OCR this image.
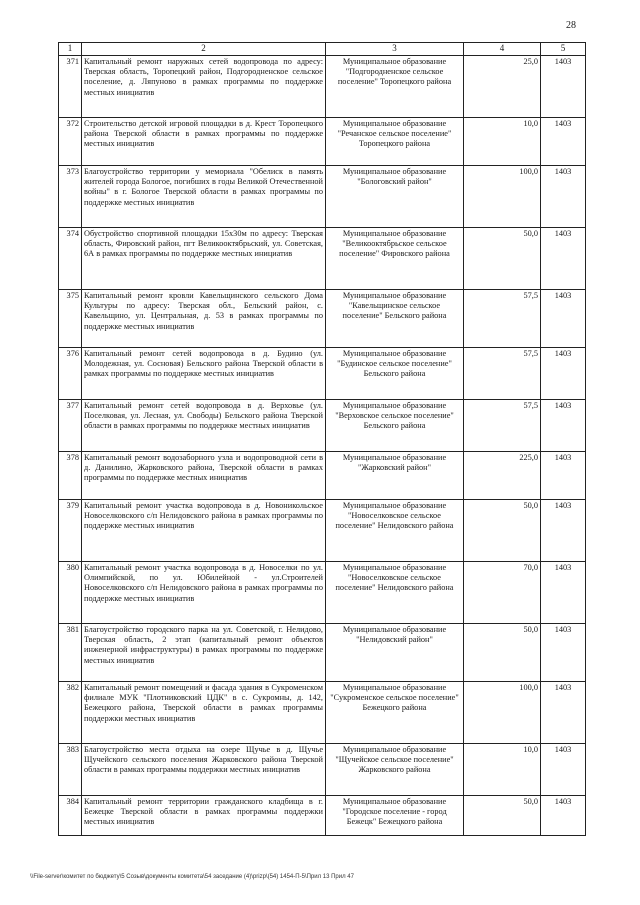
28
1	2	3	4	5
371	Капитальный ремонт наружных сетей водопровода по адресу: Тверская область, Торопецкий район, Подгородненское сельское поселение, д. Ляпуново в рамках программы по поддержке местных инициатив	Муниципальное образование "Подгородненское сельское поселение" Торопецкого района	25,0	1403
372	Строительство детской игровой площадки в д. Крест Торопецкого района Тверской области в рамках программы по поддержке местных инициатив	Муниципальное образование "Речанское сельское поселение" Торопецкого района	10,0	1403
373	Благоустройство территории у мемориала "Обелиск в память жителей города Бологое, погибших в годы Великой Отечественной войны" в г. Бологое Тверской области в рамках программы по поддержке местных инициатив	Муниципальное образование "Бологовский район"	100,0	1403
374	Обустройство спортивной площадки 15х30м по адресу: Тверская область, Фировский район, пгт Великооктябрьский, ул. Советская, 6А в рамках программы по поддержке местных инициатив	Муниципальное образование "Великооктябрьское сельское поселение" Фировского района	50,0	1403
375	Капитальный ремонт кровли Кавельщинского сельского Дома Культуры по адресу: Тверская обл., Бельский район, с. Кавельщино, ул. Центральная, д. 53 в рамках программы по поддержке местных инициатив	Муниципальное образование "Кавельщинское сельское поселение" Бельского района	57,5	1403
376	Капитальный ремонт сетей водопровода в д. Будино (ул. Молодежная, ул. Сосновая) Бельского района Тверской области в рамках программы по поддержке местных инициатив	Муниципальное образование "Будинское сельское поселение" Бельского района	57,5	1403
377	Капитальный ремонт сетей водопровода в д. Верховье (ул. Поселковая, ул. Лесная, ул. Свободы) Бельского района Тверской области в рамках программы по поддержке местных инициатив	Муниципальное образование "Верховское сельское поселение" Бельского района	57,5	1403
378	Капитальный ремонт водозаборного узла и водопроводной сети в д. Данилино, Жарковского района, Тверской области в рамках программы по поддержке местных инициатив	Муниципальное образование "Жарковский район"	225,0	1403
379	Капитальный ремонт участка водопровода в д. Новоникольское Новоселковского с/п Нелидовского района в рамках программы по поддержке местных инициатив	Муниципальное образование "Новоселковское сельское поселение" Нелидовского района	50,0	1403
380	Капитальный ремонт участка водопровода в д. Новоселки по ул. Олимпийской, по ул. Юбилейной - ул.Строителей Новоселковского с/п Нелидовского района в рамках программы по поддержке местных инициатив	Муниципальное образование "Новоселковское сельское поселение" Нелидовского района	70,0	1403
381	Благоустройство городского парка на ул. Советской, г. Нелидово, Тверская область, 2 этап (капитальный ремонт объектов инженерной инфраструктуры) в рамках программы по поддержке местных инициатив	Муниципальное образование "Нелидовский район"	50,0	1403
382	Капитальный ремонт помещений и фасада здания в Сукроменском филиале МУК "Плотниковский ЦДК" в с. Сукромны, д. 142, Бежецкого района, Тверской области в рамках программы поддержки местных инициатив	Муниципальное образование "Сукроменское сельское поселение" Бежецкого района	100,0	1403
383	Благоустройство места отдыха на озере Щучье в д. Щучье Щучейского сельского поселения Жарковского района Тверской области в рамках программы поддержки местных инициатив	Муниципальное образование "Щучейское сельское поселение" Жарковского района	10,0	1403
384	Капитальный ремонт территории гражданского кладбища в г. Бежецке Тверской области в рамках программы поддержки местных инициатив	Муниципальное образование "Городское поселение - город Бежецк" Бежецкого района	50,0	1403
\\File-server\комитет по бюджету\5 Созыв\документы комитета\54 заседание (4)\prizp\(54) 1454-П-5\Прил 13 Прил 47
